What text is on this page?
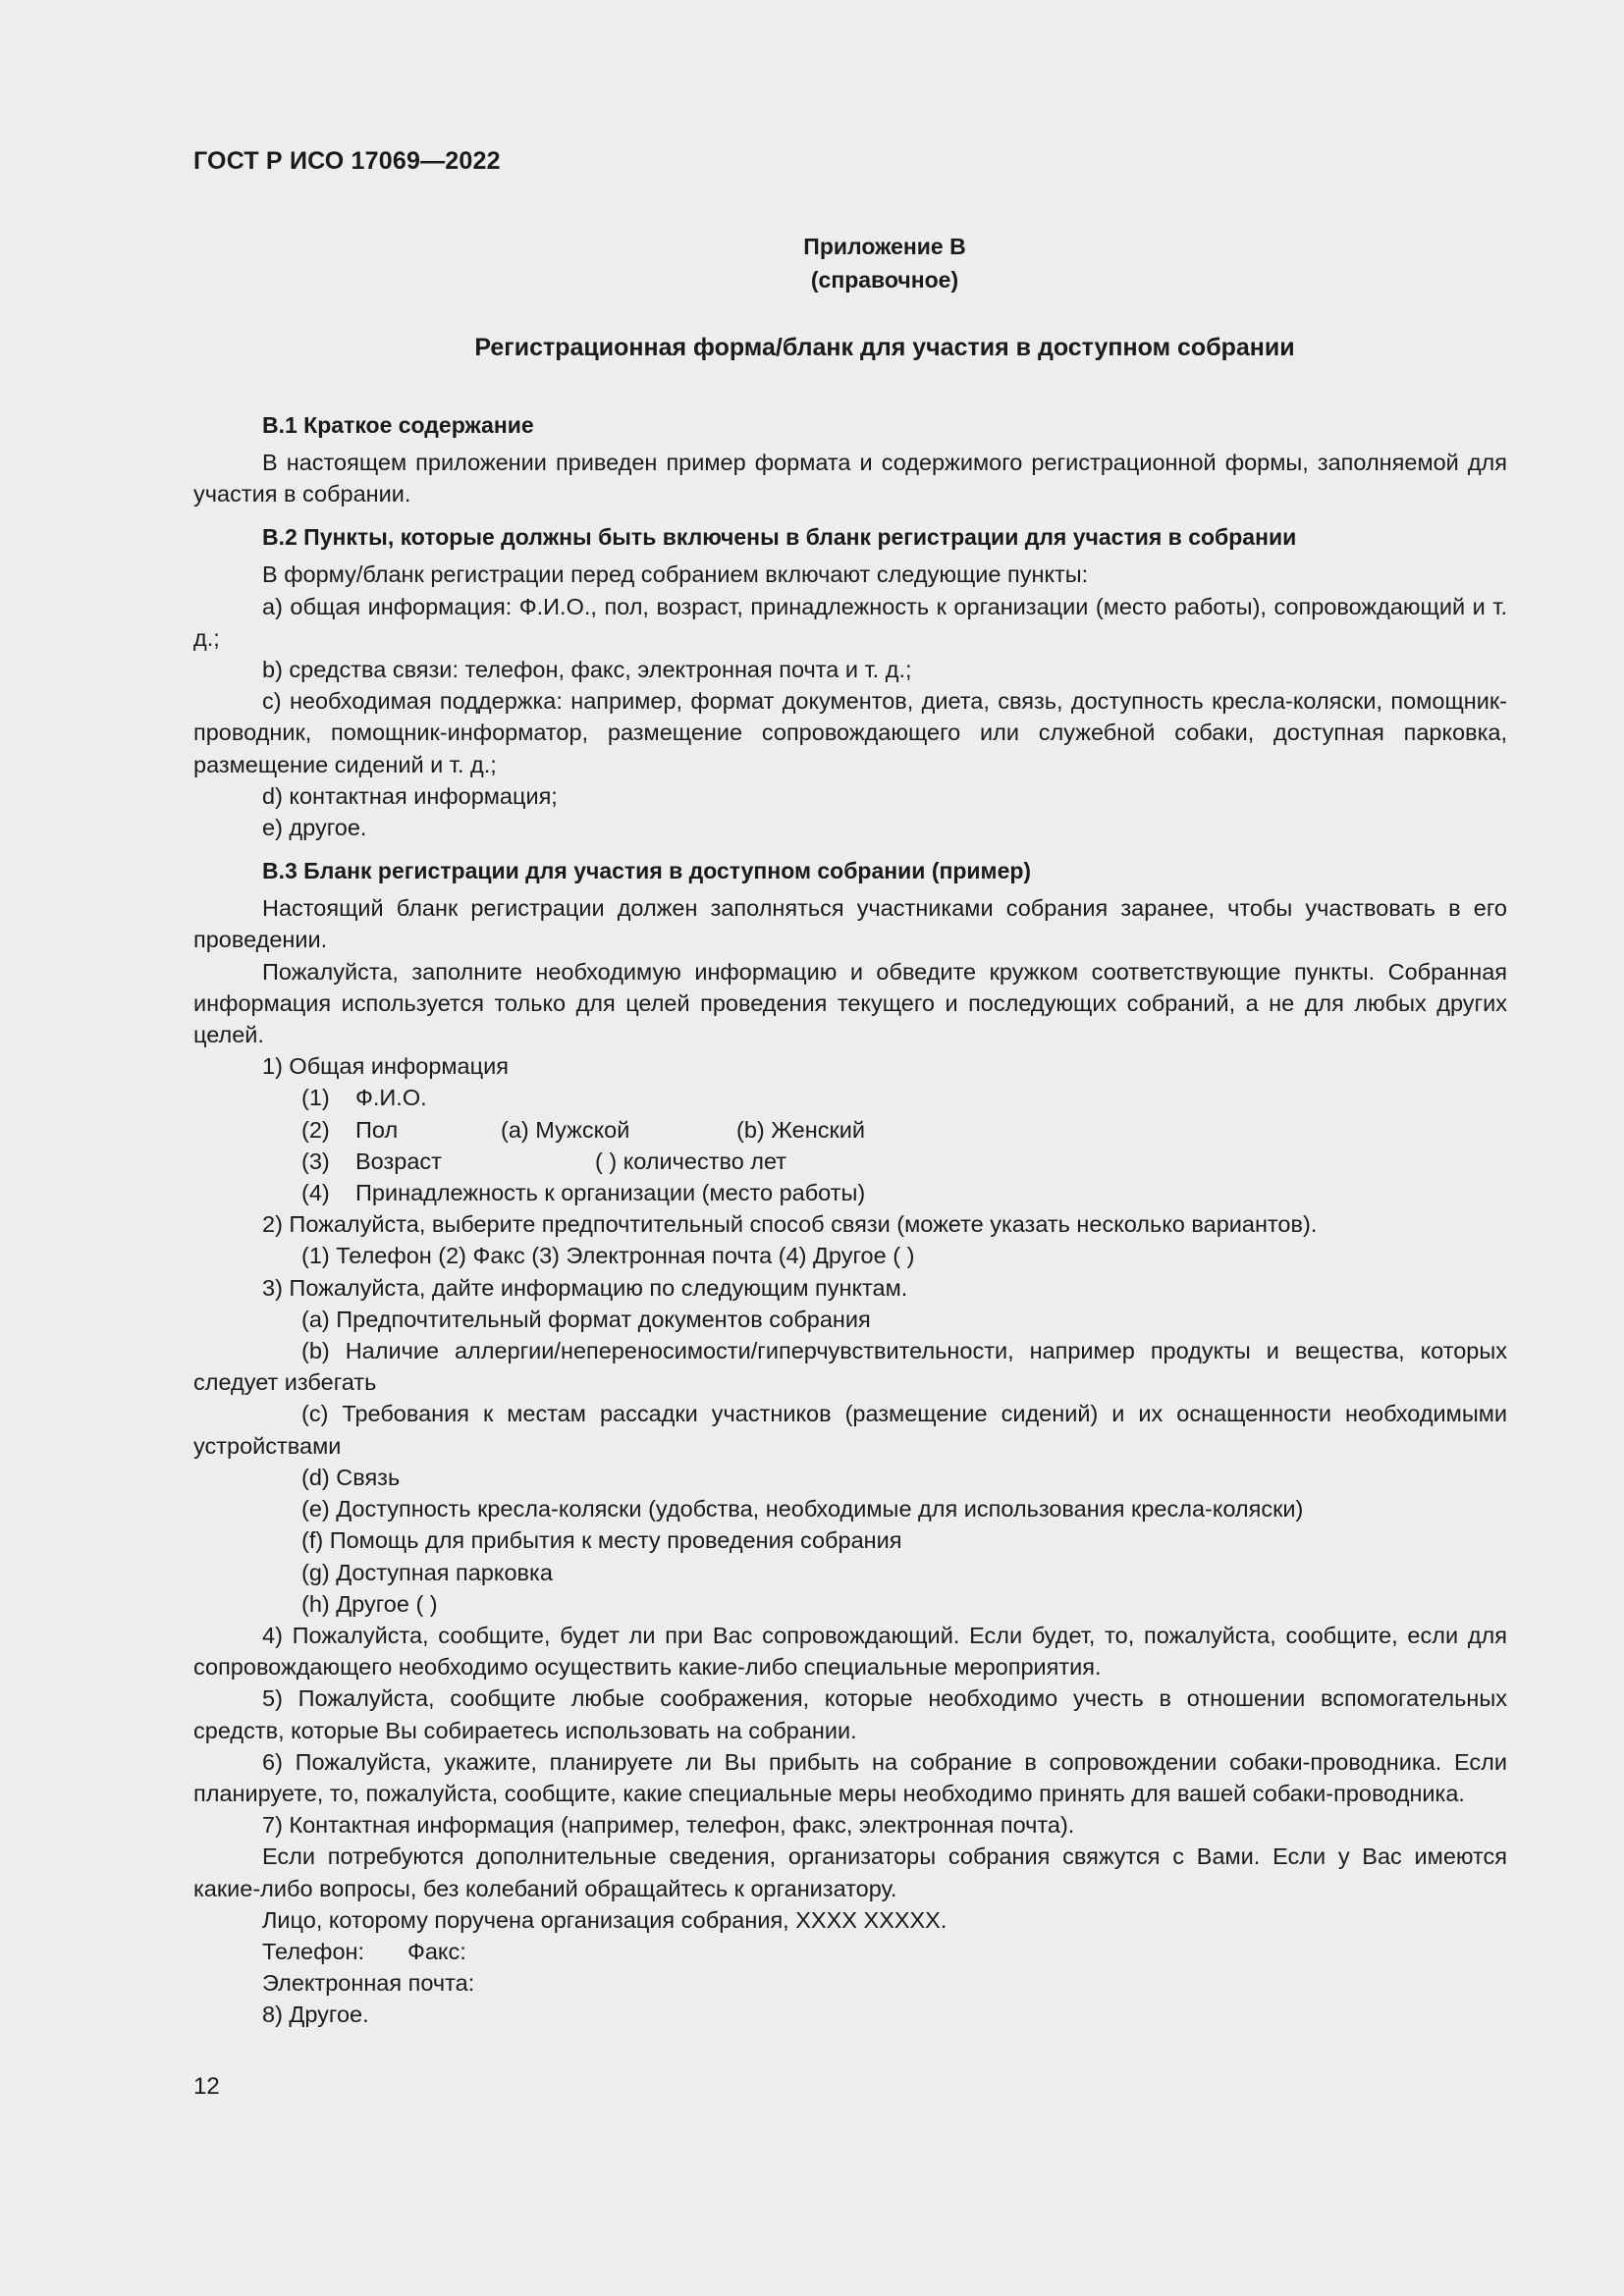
ГОСТ Р ИСО 17069—2022
Приложение В
(справочное)
Регистрационная форма/бланк для участия в доступном собрании
В.1 Краткое содержание

В настоящем приложении приведен пример формата и содержимого регистрационной формы, заполняемой для участия в собрании.

В.2 Пункты, которые должны быть включены в бланк регистрации для участия в собрании

В форму/бланк регистрации перед собранием включают следующие пункты:

a) общая информация: Ф.И.О., пол, возраст, принадлежность к организации (место работы), сопровождающий и т. д.;

b) средства связи: телефон, факс, электронная почта и т. д.;

c) необходимая поддержка: например, формат документов, диета, связь, доступность кресла-коляски, помощник-проводник, помощник-информатор, размещение сопровождающего или служебной собаки, доступная парковка, размещение сидений и т. д.;

d) контактная информация;

e) другое.

В.3 Бланк регистрации для участия в доступном собрании (пример)

Настоящий бланк регистрации должен заполняться участниками собрания заранее, чтобы участвовать в его проведении.

Пожалуйста, заполните необходимую информацию и обведите кружком соответствующие пункты. Собранная информация используется только для целей проведения текущего и последующих собраний, а не для любых других целей.

1) Общая информация

(1) Ф.И.О.
(2) Пол	(a) Мужской	(b) Женский
(3) Возраст	( ) количество лет
(4) Принадлежность к организации (место работы)

2) Пожалуйста, выберите предпочтительный способ связи (можете указать несколько вариантов).

(1) Телефон (2) Факс (3) Электронная почта (4) Другое ( )

3) Пожалуйста, дайте информацию по следующим пунктам.

(a) Предпочтительный формат документов собрания

(b) Наличие аллергии/непереносимости/гиперчувствительности, например продукты и вещества, которых следует избегать

(c) Требования к местам рассадки участников (размещение сидений) и их оснащенности необходимыми устройствами

(d) Связь

(e) Доступность кресла-коляски (удобства, необходимые для использования кресла-коляски)

(f) Помощь для прибытия к месту проведения собрания

(g) Доступная парковка

(h) Другое ( )

4) Пожалуйста, сообщите, будет ли при Вас сопровождающий. Если будет, то, пожалуйста, сообщите, если для сопровождающего необходимо осуществить какие-либо специальные мероприятия.

5) Пожалуйста, сообщите любые соображения, которые необходимо учесть в отношении вспомогательных средств, которые Вы собираетесь использовать на собрании.

6) Пожалуйста, укажите, планируете ли Вы прибыть на собрание в сопровождении собаки-проводника. Если планируете, то, пожалуйста, сообщите, какие специальные меры необходимо принять для вашей собаки-проводника.

7) Контактная информация (например, телефон, факс, электронная почта).

Если потребуются дополнительные сведения, организаторы собрания свяжутся с Вами. Если у Вас имеются какие-либо вопросы, без колебаний обращайтесь к организатору.

Лицо, которому поручена организация собрания, XXXX XXXXX.

Телефон: Факс:

Электронная почта:

8) Другое.

12
